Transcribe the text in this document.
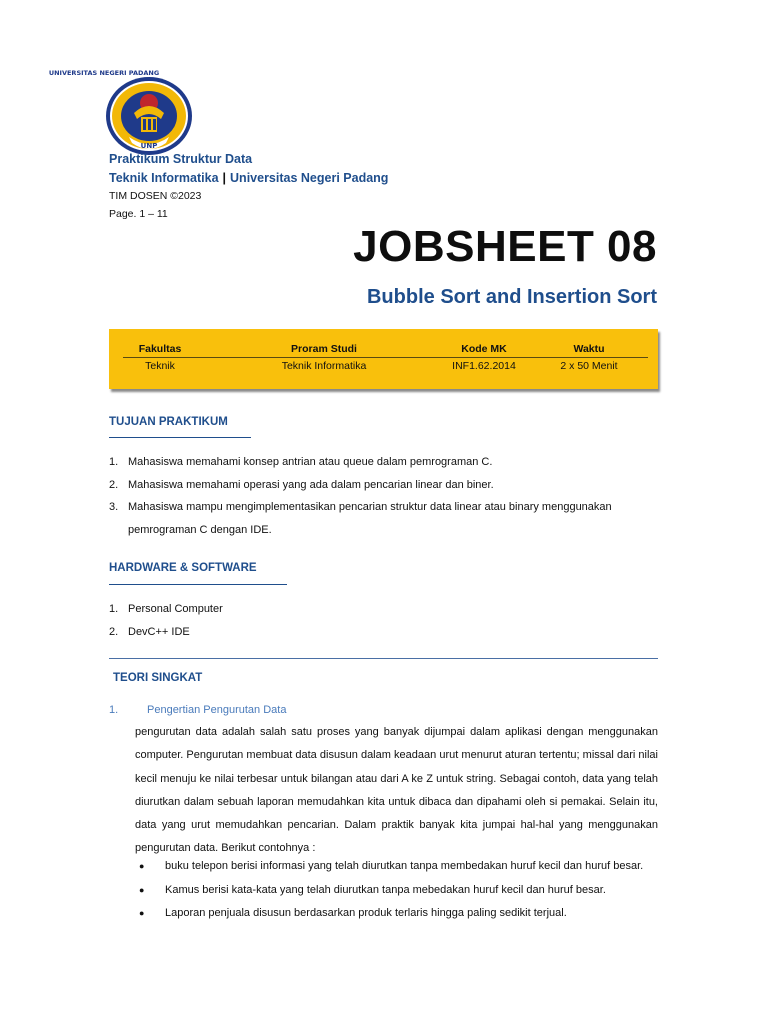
UNIVERSITAS NEGERI PADANG
UNP
Praktikum Struktur Data
Teknik Informatika | Universitas Negeri Padang
TIM DOSEN ©2023
Page. 1 – 11
JOBSHEET 08
Bubble Sort and Insertion Sort
Fakultas	Proram Studi	Kode MK	Waktu
Teknik	Teknik Informatika	INF1.62.2014	2 x 50 Menit
TUJUAN PRAKTIKUM
1. Mahasiswa memahami konsep antrian atau queue dalam pemrograman C.
2. Mahasiswa memahami operasi yang ada dalam pencarian linear dan biner.
3. Mahasiswa mampu mengimplementasikan pencarian struktur data linear atau binary menggunakan
pemrograman C dengan IDE.
HARDWARE & SOFTWARE
1. Personal Computer
2. DevC++ IDE
TEORI SINGKAT
1.	Pengertian Pengurutan Data
pengurutan data adalah salah satu proses yang banyak dijumpai dalam aplikasi dengan menggunakan computer. Pengurutan membuat data disusun dalam keadaan urut menurut aturan tertentu; missal dari nilai kecil menuju ke nilai terbesar untuk bilangan atau dari A ke Z untuk string. Sebagai contoh, data yang telah diurutkan dalam sebuah laporan memudahkan kita untuk dibaca dan dipahami oleh si pemakai. Selain itu, data yang urut memudahkan pencarian. Dalam praktik banyak kita jumpai hal-hal yang menggunakan pengurutan data. Berikut contohnya :
● buku telepon berisi informasi yang telah diurutkan tanpa membedakan huruf kecil dan huruf besar.
● Kamus berisi kata-kata yang telah diurutkan tanpa mebedakan huruf kecil dan huruf besar.
● Laporan penjuala disusun berdasarkan produk terlaris hingga paling sedikit terjual.
